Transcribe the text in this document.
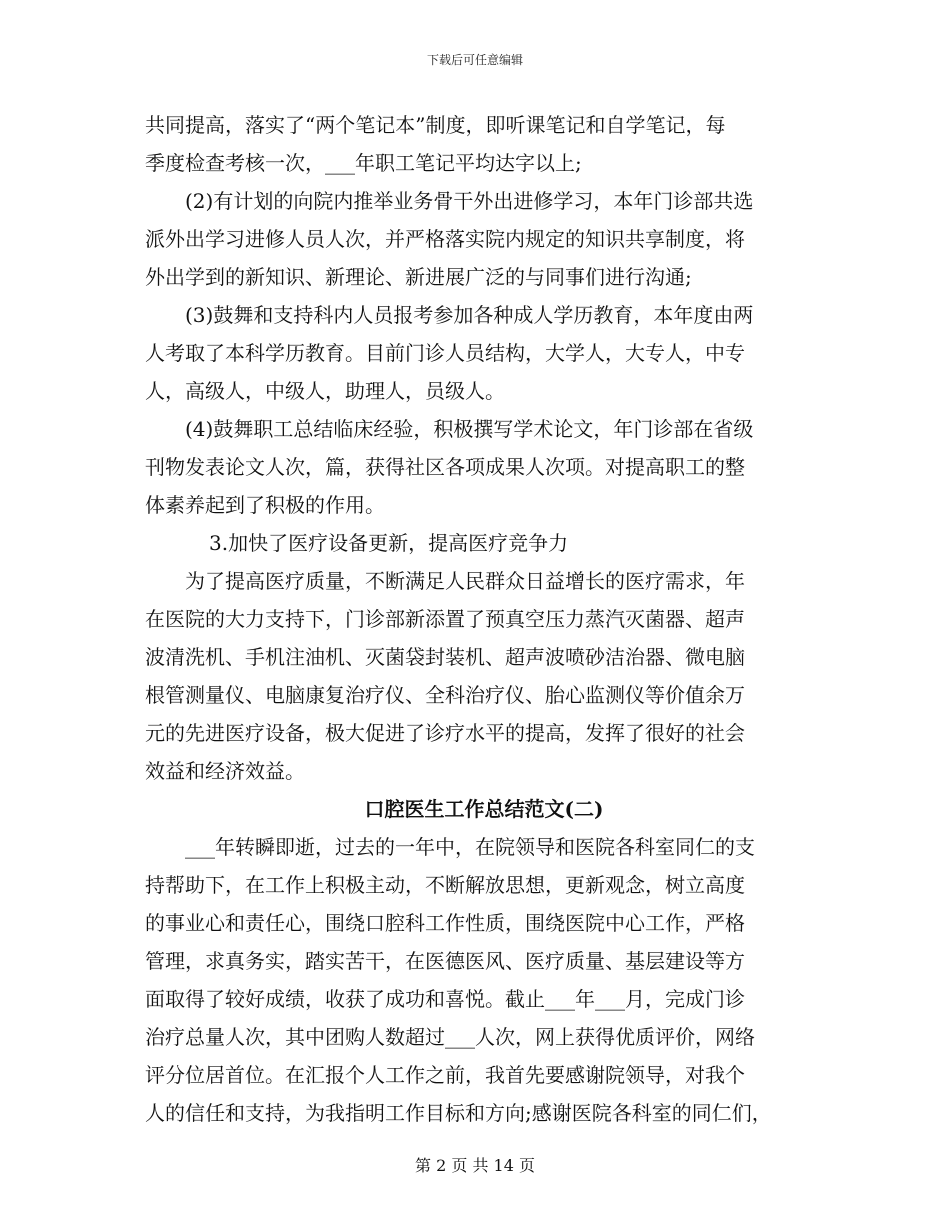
下载后可任意编辑
共同提高，落实了“两个笔记本”制度，即听课笔记和自学笔记，每
季度检查考核一次，___年职工笔记平均达字以上;
(2)有计划的向院内推举业务骨干外出进修学习，本年门诊部共选
派外出学习进修人员人次，并严格落实院内规定的知识共享制度，将
外出学到的新知识、新理论、新进展广泛的与同事们进行沟通;
(3)鼓舞和支持科内人员报考参加各种成人学历教育，本年度由两
人考取了本科学历教育。目前门诊人员结构，大学人，大专人，中专
人，高级人，中级人，助理人，员级人。
(4)鼓舞职工总结临床经验，积极撰写学术论文，年门诊部在省级
刊物发表论文人次，篇，获得社区各项成果人次项。对提高职工的整
体素养起到了积极的作用。
3.加快了医疗设备更新，提高医疗竞争力
为了提高医疗质量，不断满足人民群众日益增长的医疗需求，年
在医院的大力支持下，门诊部新添置了预真空压力蒸汽灭菌器、超声
波清洗机、手机注油机、灭菌袋封装机、超声波喷砂洁治器、微电脑
根管测量仪、电脑康复治疗仪、全科治疗仪、胎心监测仪等价值余万
元的先进医疗设备，极大促进了诊疗水平的提高，发挥了很好的社会
效益和经济效益。
口腔医生工作总结范文(二)
___年转瞬即逝，过去的一年中，在院领导和医院各科室同仁的支
持帮助下，在工作上积极主动，不断解放思想，更新观念，树立高度
的事业心和责任心，围绕口腔科工作性质，围绕医院中心工作，严格
管理，求真务实，踏实苦干，在医德医风、医疗质量、基层建设等方
面取得了较好成绩，收获了成功和喜悦。截止___年___月，完成门诊
治疗总量人次，其中团购人数超过___人次，网上获得优质评价，网络
评分位居首位。在汇报个人工作之前，我首先要感谢院领导，对我个
人的信任和支持，为我指明工作目标和方向;感谢医院各科室的同仁们，
第 2 页 共 14 页
